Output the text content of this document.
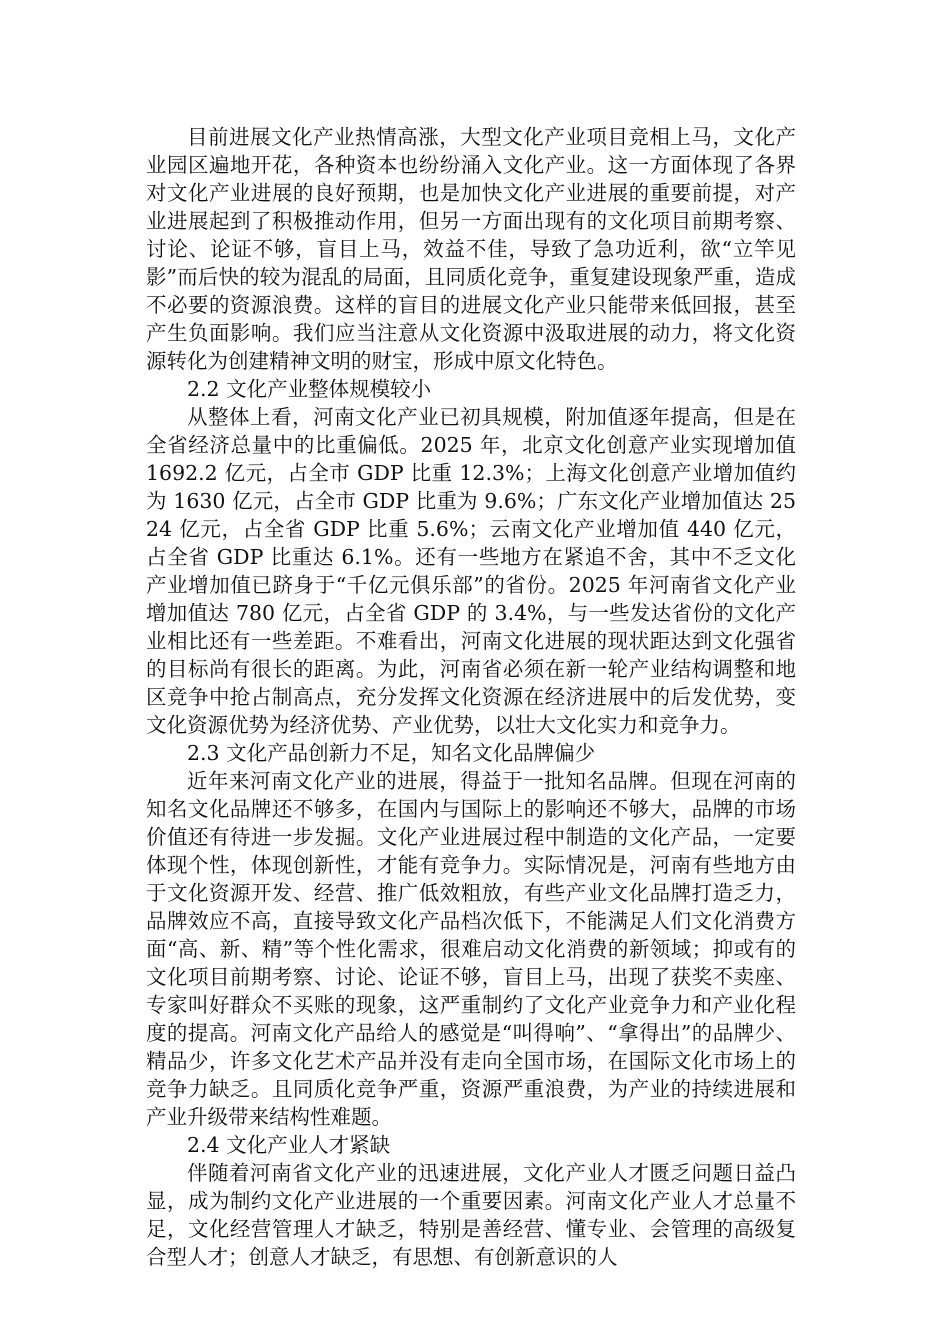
目前进展文化产业热情高涨，大型文化产业项目竞相上马，文化产业园区遍地开花，各种资本也纷纷涌入文化产业。这一方面体现了各界对文化产业进展的良好预期，也是加快文化产业进展的重要前提，对产业进展起到了积极推动作用，但另一方面出现有的文化项目前期考察、讨论、论证不够，盲目上马，效益不佳，导致了急功近利，欲“立竿见影”而后快的较为混乱的局面，且同质化竞争，重复建设现象严重，造成不必要的资源浪费。这样的盲目的进展文化产业只能带来低回报，甚至产生负面影响。我们应当注意从文化资源中汲取进展的动力，将文化资源转化为创建精神文明的财宝，形成中原文化特色。

2.2 文化产业整体规模较小

从整体上看，河南文化产业已初具规模，附加值逐年提高，但是在全省经济总量中的比重偏低。2025 年，北京文化创意产业实现增加值 1692.2 亿元，占全市 GDP 比重 12.3%；上海文化创意产业增加值约为 1630 亿元，占全市 GDP 比重为 9.6%；广东文化产业增加值达 2524 亿元，占全省 GDP 比重 5.6%；云南文化产业增加值 440 亿元，占全省 GDP 比重达 6.1%。还有一些地方在紧追不舍，其中不乏文化产业增加值已跻身于“千亿元俱乐部”的省份。2025 年河南省文化产业增加值达 780 亿元，占全省 GDP 的 3.4%，与一些发达省份的文化产业相比还有一些差距。不难看出，河南文化进展的现状距达到文化强省的目标尚有很长的距离。为此，河南省必须在新一轮产业结构调整和地区竞争中抢占制高点，充分发挥文化资源在经济进展中的后发优势，变文化资源优势为经济优势、产业优势，以壮大文化实力和竞争力。

2.3 文化产品创新力不足，知名文化品牌偏少

近年来河南文化产业的进展，得益于一批知名品牌。但现在河南的知名文化品牌还不够多，在国内与国际上的影响还不够大，品牌的市场价值还有待进一步发掘。文化产业进展过程中制造的文化产品，一定要体现个性，体现创新性，才能有竞争力。实际情况是，河南有些地方由于文化资源开发、经营、推广低效粗放，有些产业文化品牌打造乏力，品牌效应不高，直接导致文化产品档次低下，不能满足人们文化消费方面“高、新、精”等个性化需求，很难启动文化消费的新领域；抑或有的文化项目前期考察、讨论、论证不够，盲目上马，出现了获奖不卖座、专家叫好群众不买账的现象，这严重制约了文化产业竞争力和产业化程度的提高。河南文化产品给人的感觉是“叫得响”、“拿得出”的品牌少、精品少，许多文化艺术产品并没有走向全国市场，在国际文化市场上的竞争力缺乏。且同质化竞争严重，资源严重浪费，为产业的持续进展和产业升级带来结构性难题。

2.4 文化产业人才紧缺

伴随着河南省文化产业的迅速进展，文化产业人才匮乏问题日益凸显，成为制约文化产业进展的一个重要因素。河南文化产业人才总量不足，文化经营管理人才缺乏，特别是善经营、懂专业、会管理的高级复合型人才；创意人才缺乏，有思想、有创新意识的人
